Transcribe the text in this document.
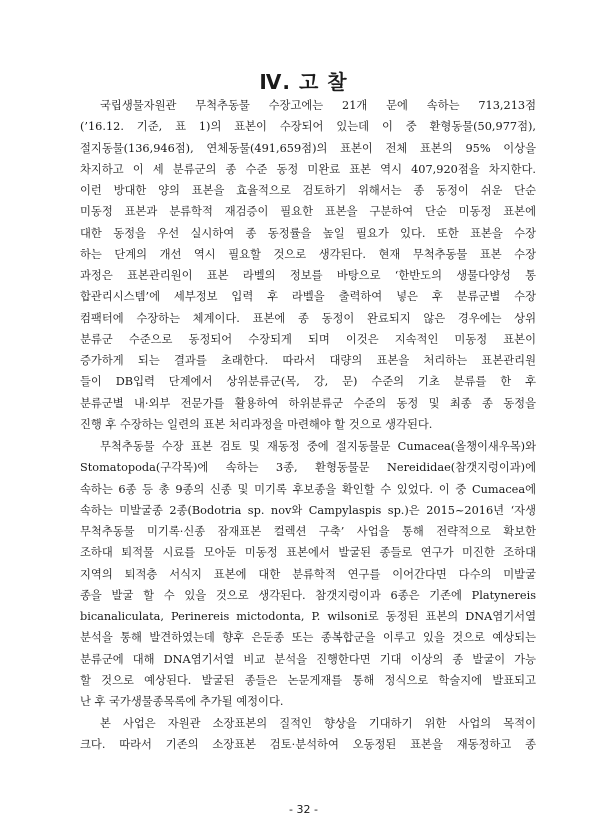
Ⅳ. 고 찰
국립생물자원관 무척추동물 수장고에는 21개 문에 속하는 713,213점
(’16.12. 기준, 표 1)의 표본이 수장되어 있는데 이 중 환형동물(50,977점),
절지동물(136,946점), 연체동물(491,659점)의 표본이 전체 표본의 95% 이상을
차지하고 이 세 분류군의 종 수준 동정 미완료 표본 역시 407,920점을 차지한다.
이런 방대한 양의 표본을 효율적으로 검토하기 위해서는 종 동정이 쉬운 단순
미동정 표본과 분류학적 재검증이 필요한 표본을 구분하여 단순 미동정 표본에
대한 동정을 우선 실시하여 종 동정률을 높일 필요가 있다. 또한 표본을 수장
하는 단계의 개선 역시 필요할 것으로 생각된다. 현재 무척추동물 표본 수장
과정은 표본관리원이 표본 라벨의 정보를 바탕으로 ‘한반도의 생물다양성 통
합관리시스템’에 세부정보 입력 후 라벨을 출력하여 넣은 후 분류군별 수장
컴팩터에 수장하는 체계이다. 표본에 종 동정이 완료되지 않은 경우에는 상위
분류군 수준으로 동정되어 수장되게 되며 이것은 지속적인 미동정 표본이
증가하게 되는 결과를 초래한다. 따라서 대량의 표본을 처리하는 표본관리원
들이 DB입력 단계에서 상위분류군(목, 강, 문) 수준의 기초 분류를 한 후
분류군별 내·외부 전문가를 활용하여 하위분류군 수준의 동정 및 최종 종 동정을
진행 후 수장하는 일련의 표본 처리과정을 마련해야 할 것으로 생각된다.
무척추동물 수장 표본 검토 및 재동정 중에 절지동물문 Cumacea(올챙이새우목)와
Stomatopoda(구각목)에 속하는 3종, 환형동물문 Nereididae(참갯지렁이과)에
속하는 6종 등 총 9종의 신종 및 미기록 후보종을 확인할 수 있었다. 이 중 Cumacea에
속하는 미발굴종 2종(Bodotria sp. nov와 Campylaspis sp.)은 2015~2016년 ‘자생
무척추동물 미기록·신종 잠재표본 컬렉션 구축’ 사업을 통해 전략적으로 확보한
조하대 퇴적물 시료를 모아둔 미동정 표본에서 발굴된 종들로 연구가 미진한 조하대
지역의 퇴적층 서식지 표본에 대한 분류학적 연구를 이어간다면 다수의 미발굴
종을 발굴 할 수 있을 것으로 생각된다. 참갯지렁이과 6종은 기존에 Platynereis
bicanaliculata, Perinereis mictodonta, P. wilsoni로 동정된 표본의 DNA염기서열
분석을 통해 발견하였는데 향후 은둔종 또는 종복합군을 이루고 있을 것으로 예상되는
분류군에 대해 DNA염기서열 비교 분석을 진행한다면 기대 이상의 종 발굴이 가능
할 것으로 예상된다. 발굴된 종들은 논문게재를 통해 정식으로 학술지에 발표되고
난 후 국가생물종목록에 추가될 예정이다.
본 사업은 자원관 소장표본의 질적인 향상을 기대하기 위한 사업의 목적이
크다. 따라서 기존의 소장표본 검토·분석하여 오동정된 표본을 재동정하고 종
- 32 -
